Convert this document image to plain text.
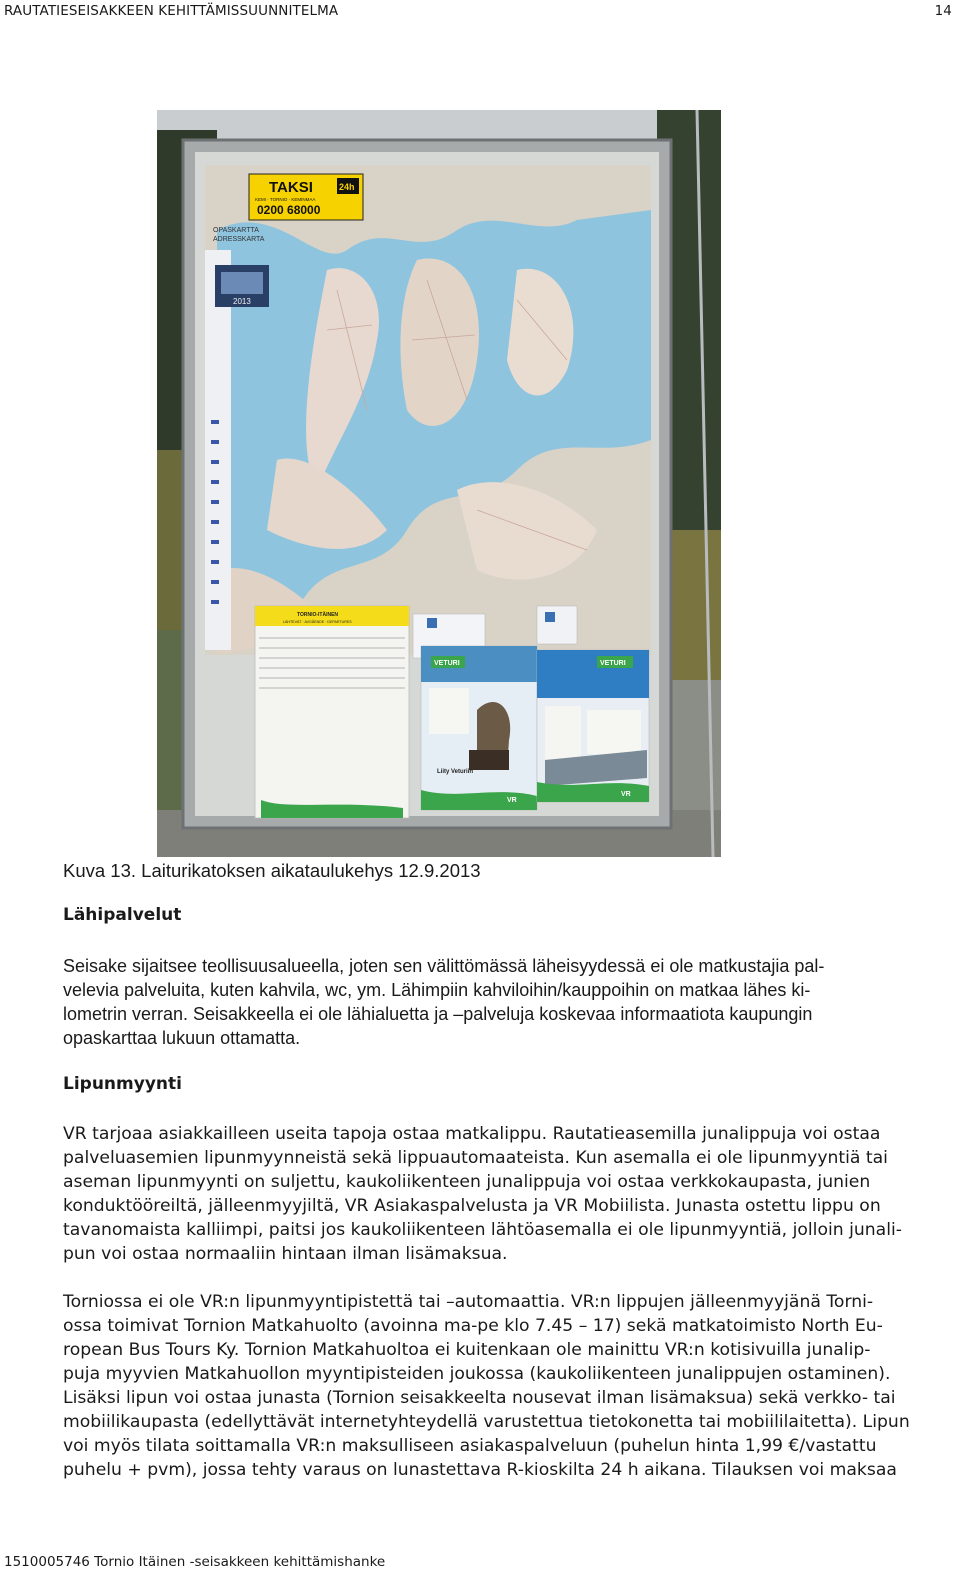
RAUTATIESEISAKKEEN KEHITTÄMISSUUNNITELMA	14
OPASKARTTA
ADRESSKARTA
2013
TAKSI	24h
KEMI · TORNIO · KEMINMAA
0200 68000
TORNIO-ITÄINEN
LÄHTEVÄT · AVGÅENDE · DEPARTURES
VETURI
Liity Veturiin
VR
VETURI
VR
Kuva 13. Laiturikatoksen aikataulukehys 12.9.2013
Lähipalvelut

Seisake sijaitsee teollisuusalueella, joten sen välittömässä läheisyydessä ei ole matkustajia pal-
velevia palveluita, kuten kahvila, wc, ym. Lähimpiin kahviloihin/kauppoihin on matkaa lähes ki-
lometrin verran. Seisakkeella ei ole lähialuetta ja –palveluja koskevaa informaatiota kaupungin
opaskarttaa lukuun ottamatta.

Lipunmyynti

VR tarjoaa asiakkailleen useita tapoja ostaa matkalippu. Rautatieasemilla junalippuja voi ostaa
palveluasemien lipunmyynneistä sekä lippuautomaateista. Kun asemalla ei ole lipunmyyntiä tai
aseman lipunmyynti on suljettu, kaukoliikenteen junalippuja voi ostaa verkkokaupasta, junien
konduktööreiltä, jälleenmyyjiltä, VR Asiakaspalvelusta ja VR Mobiilista. Junasta ostettu lippu on
tavanomaista kalliimpi, paitsi jos kaukoliikenteen lähtöasemalla ei ole lipunmyyntiä, jolloin junali-
pun voi ostaa normaaliin hintaan ilman lisämaksua.

Torniossa ei ole VR:n lipunmyyntipistettä tai –automaattia. VR:n lippujen jälleenmyyjänä Torni-
ossa toimivat Tornion Matkahuolto (avoinna ma-pe klo 7.45 – 17) sekä matkatoimisto North Eu-
ropean Bus Tours Ky. Tornion Matkahuoltoa ei kuitenkaan ole mainittu VR:n kotisivuilla junalip-
puja myyvien Matkahuollon myyntipisteiden joukossa (kaukoliikenteen junalippujen ostaminen).
Lisäksi lipun voi ostaa junasta (Tornion seisakkeelta nousevat ilman lisämaksua) sekä verkko- tai
mobiilikaupasta (edellyttävät internetyhteydellä varustettua tietokonetta tai mobiililaitetta). Lipun
voi myös tilata soittamalla VR:n maksulliseen asiakaspalveluun (puhelun hinta 1,99 €/vastattu
puhelu + pvm), jossa tehty varaus on lunastettava R-kioskilta 24 h aikana. Tilauksen voi maksaa

1510005746 Tornio Itäinen -seisakkeen kehittämishanke
